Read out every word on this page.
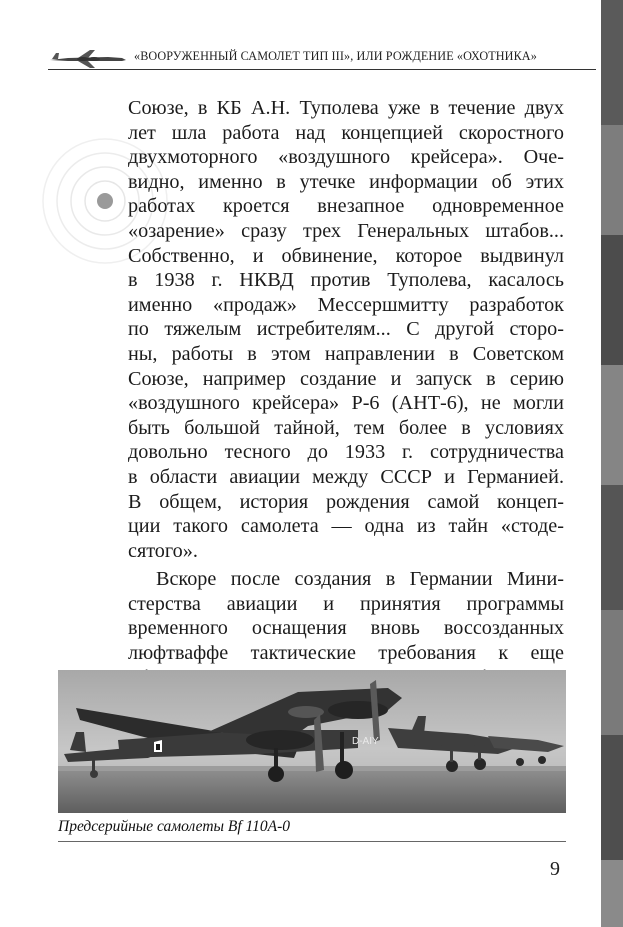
«ВООРУЖЕННЫЙ САМОЛЕТ ТИП III», ИЛИ РОЖДЕНИЕ «ОХОТНИКА»
Союзе, в КБ А.Н. Туполева уже в течение двух
лет шла работа над концепцией скоростного
двухмоторного «воздушного крейсера». Оче-
видно, именно в утечке информации об этих
работах кроется внезапное одновременное
«озарение» сразу трех Генеральных штабов...
Собственно, и обвинение, которое выдвинул
в 1938 г. НКВД против Туполева, касалось
именно «продаж» Мессершмитту разработок
по тяжелым истребителям... С другой сторо-
ны, работы в этом направлении в Советском
Союзе, например создание и запуск в серию
«воздушного крейсера» Р-6 (АНТ-6), не могли
быть большой тайной, тем более в условиях
довольно тесного до 1933 г. сотрудничества
в области авиации между СССР и Германией.
В общем, история рождения самой концеп-
ции такого самолета — одна из тайн «стоде-
сятого».
Вскоре после создания в Германии Мини-
стерства авиации и принятия программы
временного оснащения вновь воссозданных
люфтваффе тактические требования к еще
D-AIY
Предсерийные самолеты Bf 110A-0
9
